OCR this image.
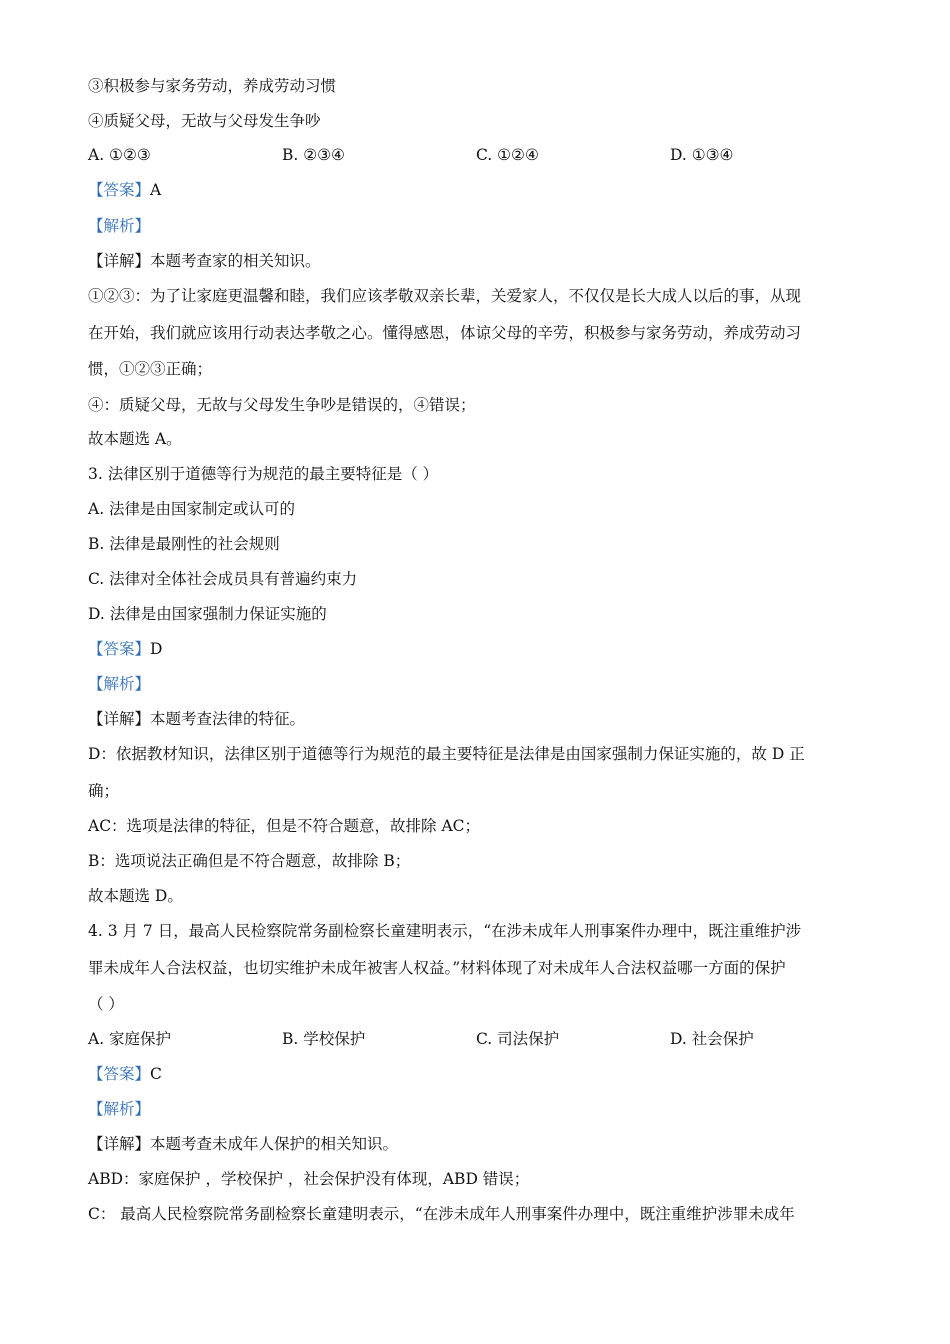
③积极参与家务劳动，养成劳动习惯
④质疑父母，无故与父母发生争吵
A. ①②③	B. ②③④	C. ①②④	D. ①③④
【答案】A
【解析】
【详解】本题考查家的相关知识。
①②③：为了让家庭更温馨和睦，我们应该孝敬双亲长辈，关爱家人，不仅仅是长大成人以后的事，从现
在开始，我们就应该用行动表达孝敬之心。懂得感恩，体谅父母的辛劳，积极参与家务劳动，养成劳动习
惯，①②③正确；
④：质疑父母，无故与父母发生争吵是错误的，④错误；
故本题选 A。
3. 法律区别于道德等行为规范的最主要特征是（ ）
A. 法律是由国家制定或认可的
B. 法律是最刚性的社会规则
C. 法律对全体社会成员具有普遍约束力
D. 法律是由国家强制力保证实施的
【答案】D
【解析】
【详解】本题考查法律的特征。
D：依据教材知识，法律区别于道德等行为规范的最主要特征是法律是由国家强制力保证实施的，故 D 正
确；
AC：选项是法律的特征，但是不符合题意，故排除 AC；
B：选项说法正确但是不符合题意，故排除 B；
故本题选 D。
4. 3 月 7 日，最高人民检察院常务副检察长童建明表示，“在涉未成年人刑事案件办理中，既注重维护涉
罪未成年人合法权益，也切实维护未成年被害人权益。”材料体现了对未成年人合法权益哪一方面的保护
（ ）
A. 家庭保护	B. 学校保护	C. 司法保护	D. 社会保护
【答案】C
【解析】
【详解】本题考查未成年人保护的相关知识。
ABD：家庭保护 ，学校保护 ，社会保护没有体现，ABD 错误；
C： 最高人民检察院常务副检察长童建明表示，“在涉未成年人刑事案件办理中，既注重维护涉罪未成年
